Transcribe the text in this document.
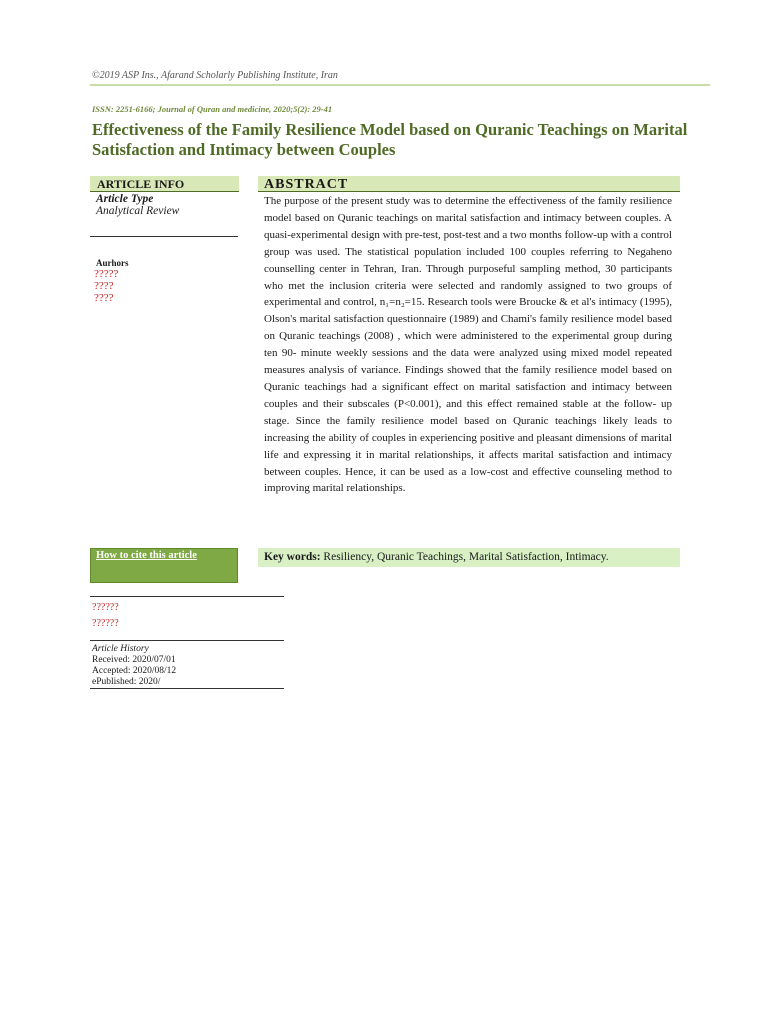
©2019 ASP Ins., Afarand Scholarly Publishing Institute, Iran
ISSN: 2251-6166; Journal of Quran and medicine, 2020;5(2): 29-41
Effectiveness of the Family Resilience Model based on Quranic Teachings on Marital Satisfaction and Intimacy between Couples
ARTICLE INFO
Article Type
Analytical Review
Aurhors
?????
????
????
How to cite this article
??????
??????
Article History
Received: 2020/07/01
Accepted: 2020/08/12
ePublished: 2020/
ABSTRACT
The purpose of the present study was to determine the effectiveness of the family resilience model based on Quranic teachings on marital satisfaction and intimacy between couples. A quasi-experimental design with pre-test, post-test and a two months follow-up with a control group was used. The statistical population included 100 couples referring to Negaheno counselling center in Tehran, Iran. Through purposeful sampling method, 30 participants who met the inclusion criteria were selected and randomly assigned to two groups of experimental and control, n₁=n₂=15. Research tools were Broucke & et al's intimacy (1995), Olson's marital satisfaction questionnaire (1989) and Chami's family resilience model based on Quranic teachings (2008) , which were administered to the experimental group during ten 90- minute weekly sessions and the data were analyzed using mixed model repeated measures analysis of variance. Findings showed that the family resilience model based on Quranic teachings had a significant effect on marital satisfaction and intimacy between couples and their subscales (P<0.001), and this effect remained stable at the follow- up stage. Since the family resilience model based on Quranic teachings likely leads to increasing the ability of couples in experiencing positive and pleasant dimensions of marital life and expressing it in marital relationships, it affects marital satisfaction and intimacy between couples. Hence, it can be used as a low-cost and effective counseling method to improving marital relationships.
Key words: Resiliency, Quranic Teachings, Marital Satisfaction, Intimacy.
